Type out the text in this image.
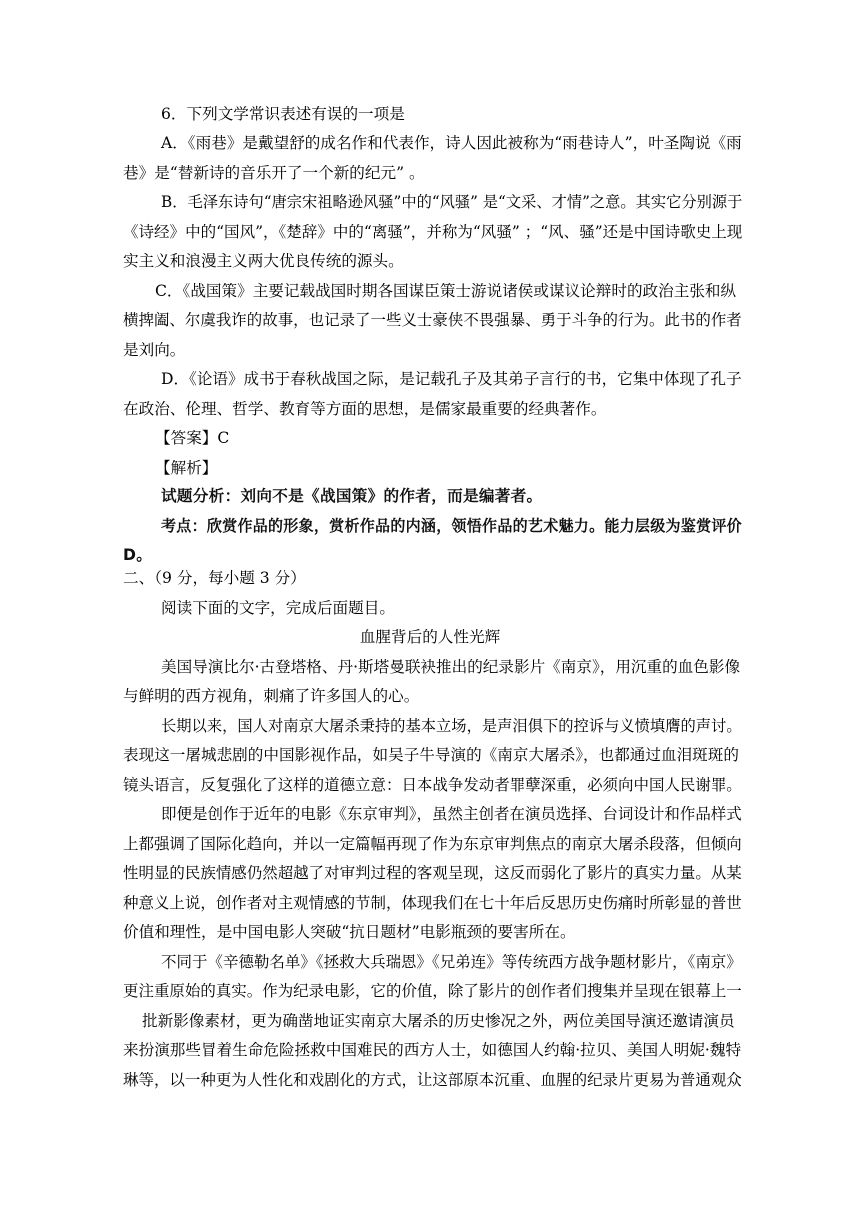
6．下列文学常识表述有误的一项是
A．《雨巷》是戴望舒的成名作和代表作，诗人因此被称为“雨巷诗人”，叶圣陶说《雨
巷》是“替新诗的音乐开了一个新的纪元” 。
B．毛泽东诗句“唐宗宋祖略逊风骚”中的“风骚” 是“文采、才情”之意。其实它分别源于
《诗经》中的“国风”，《楚辞》中的“离骚”，并称为“风骚” ；“风、骚”还是中国诗歌史上现
实主义和浪漫主义两大优良传统的源头。
C．《战国策》主要记载战国时期各国谋臣策士游说诸侯或谋议论辩时的政治主张和纵
横捭阖、尔虞我诈的故事，也记录了一些义士豪侠不畏强暴、勇于斗争的行为。此书的作者
是刘向。
D．《论语》成书于春秋战国之际，是记载孔子及其弟子言行的书，它集中体现了孔子
在政治、伦理、哲学、教育等方面的思想，是儒家最重要的经典著作。
【答案】C
【解析】
试题分析：刘向不是《战国策》的作者，而是编著者。
考点：欣赏作品的形象，赏析作品的内涵，领悟作品的艺术魅力。能力层级为鉴赏评价
D。
二、（9 分，每小题 3 分）
阅读下面的文字，完成后面题目。
血腥背后的人性光辉
美国导演比尔·古登塔格、丹·斯塔曼联袂推出的纪录影片《南京》，用沉重的血色影像
与鲜明的西方视角，刺痛了许多国人的心。
长期以来，国人对南京大屠杀秉持的基本立场，是声泪俱下的控诉与义愤填膺的声讨。
表现这一屠城悲剧的中国影视作品，如吴子牛导演的《南京大屠杀》，也都通过血泪斑斑的
镜头语言，反复强化了这样的道德立意：日本战争发动者罪孽深重，必须向中国人民谢罪。
即便是创作于近年的电影《东京审判》，虽然主创者在演员选择、台词设计和作品样式
上都强调了国际化趋向，并以一定篇幅再现了作为东京审判焦点的南京大屠杀段落，但倾向
性明显的民族情感仍然超越了对审判过程的客观呈现，这反而弱化了影片的真实力量。从某
种意义上说，创作者对主观情感的节制，体现我们在七十年后反思历史伤痛时所彰显的普世
价值和理性，是中国电影人突破“抗日题材”电影瓶颈的要害所在。
不同于《辛德勒名单》《拯救大兵瑞恩》《兄弟连》等传统西方战争题材影片，《南京》
更注重原始的真实。作为纪录电影，它的价值，除了影片的创作者们搜集并呈现在银幕上一
批新影像素材，更为确凿地证实南京大屠杀的历史惨况之外，两位美国导演还邀请演员
来扮演那些冒着生命危险拯救中国难民的西方人士，如德国人约翰·拉贝、美国人明妮·魏特
琳等，以一种更为人性化和戏剧化的方式，让这部原本沉重、血腥的纪录片更易为普通观众
